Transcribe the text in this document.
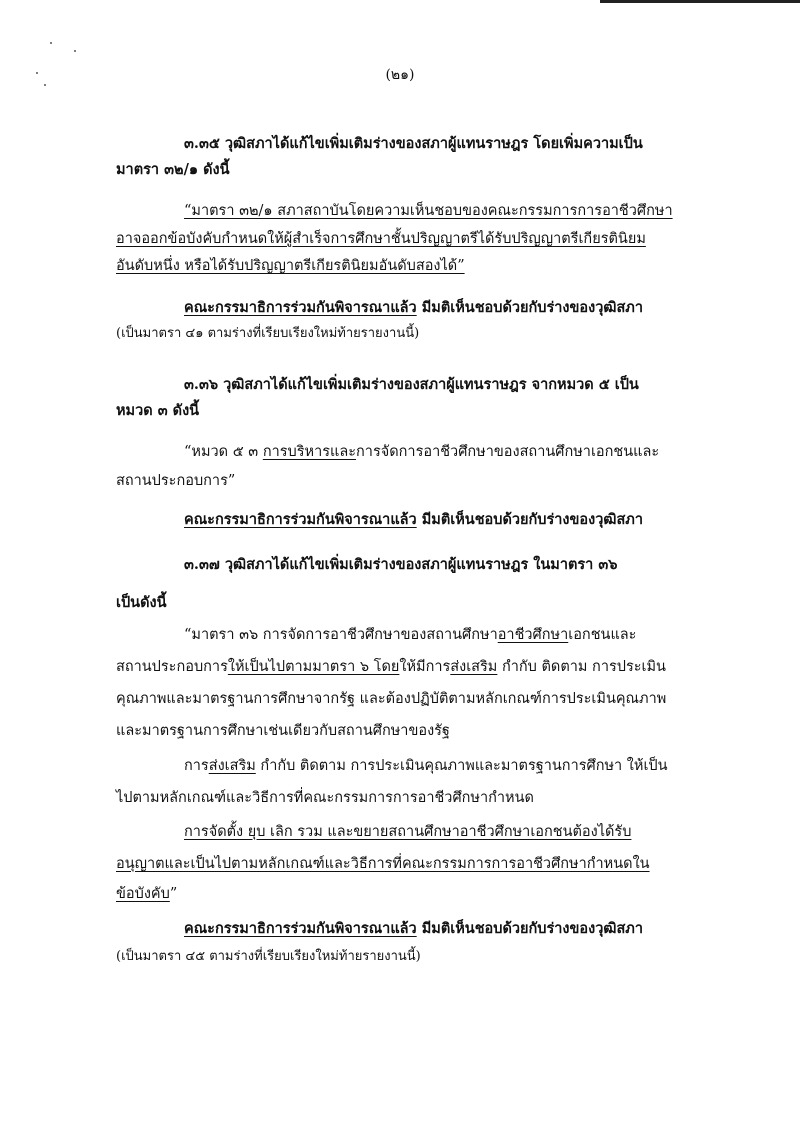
(๒๑)
๓.๓๕ วุฒิสภาได้แก้ไขเพิ่มเติมร่างของสภาผู้แทนราษฎร โดยเพิ่มความเป็น
มาตรา ๓๒/๑ ดังนี้
“มาตรา ๓๒/๑ สภาสถาบันโดยความเห็นชอบของคณะกรรมการการอาชีวศึกษา
อาจออกข้อบังคับกำหนดให้ผู้สำเร็จการศึกษาชั้นปริญญาตรีได้รับปริญญาตรีเกียรตินิยม
อันดับหนึ่ง หรือได้รับปริญญาตรีเกียรตินิยมอันดับสองได้”
คณะกรรมาธิการร่วมกันพิจารณาแล้ว มีมติเห็นชอบด้วยกับร่างของวุฒิสภา
(เป็นมาตรา ๔๑ ตามร่างที่เรียบเรียงใหม่ท้ายรายงานนี้)
๓.๓๖ วุฒิสภาได้แก้ไขเพิ่มเติมร่างของสภาผู้แทนราษฎร จากหมวด ๕ เป็น
หมวด ๓ ดังนี้
“หมวด ๕ ๓ การบริหารและการจัดการอาชีวศึกษาของสถานศึกษาเอกชนและ
สถานประกอบการ”
คณะกรรมาธิการร่วมกันพิจารณาแล้ว มีมติเห็นชอบด้วยกับร่างของวุฒิสภา
๓.๓๗ วุฒิสภาได้แก้ไขเพิ่มเติมร่างของสภาผู้แทนราษฎร ในมาตรา ๓๖
เป็นดังนี้
“มาตรา ๓๖ การจัดการอาชีวศึกษาของสถานศึกษาอาชีวศึกษาเอกชนและ
สถานประกอบการให้เป็นไปตามมาตรา ๖ โดยให้มีการส่งเสริม กำกับ ติดตาม การประเมิน
คุณภาพและมาตรฐานการศึกษาจากรัฐ และต้องปฏิบัติตามหลักเกณฑ์การประเมินคุณภาพ
และมาตรฐานการศึกษาเช่นเดียวกับสถานศึกษาของรัฐ
การส่งเสริม กำกับ ติดตาม การประเมินคุณภาพและมาตรฐานการศึกษา ให้เป็น
ไปตามหลักเกณฑ์และวิธีการที่คณะกรรมการการอาชีวศึกษากำหนด
การจัดตั้ง ยุบ เลิก รวม และขยายสถานศึกษาอาชีวศึกษาเอกชนต้องได้รับ
อนุญาตและเป็นไปตามหลักเกณฑ์และวิธีการที่คณะกรรมการการอาชีวศึกษากำหนดใน
ข้อบังคับ”
คณะกรรมาธิการร่วมกันพิจารณาแล้ว มีมติเห็นชอบด้วยกับร่างของวุฒิสภา
(เป็นมาตรา ๔๕ ตามร่างที่เรียบเรียงใหม่ท้ายรายงานนี้)
